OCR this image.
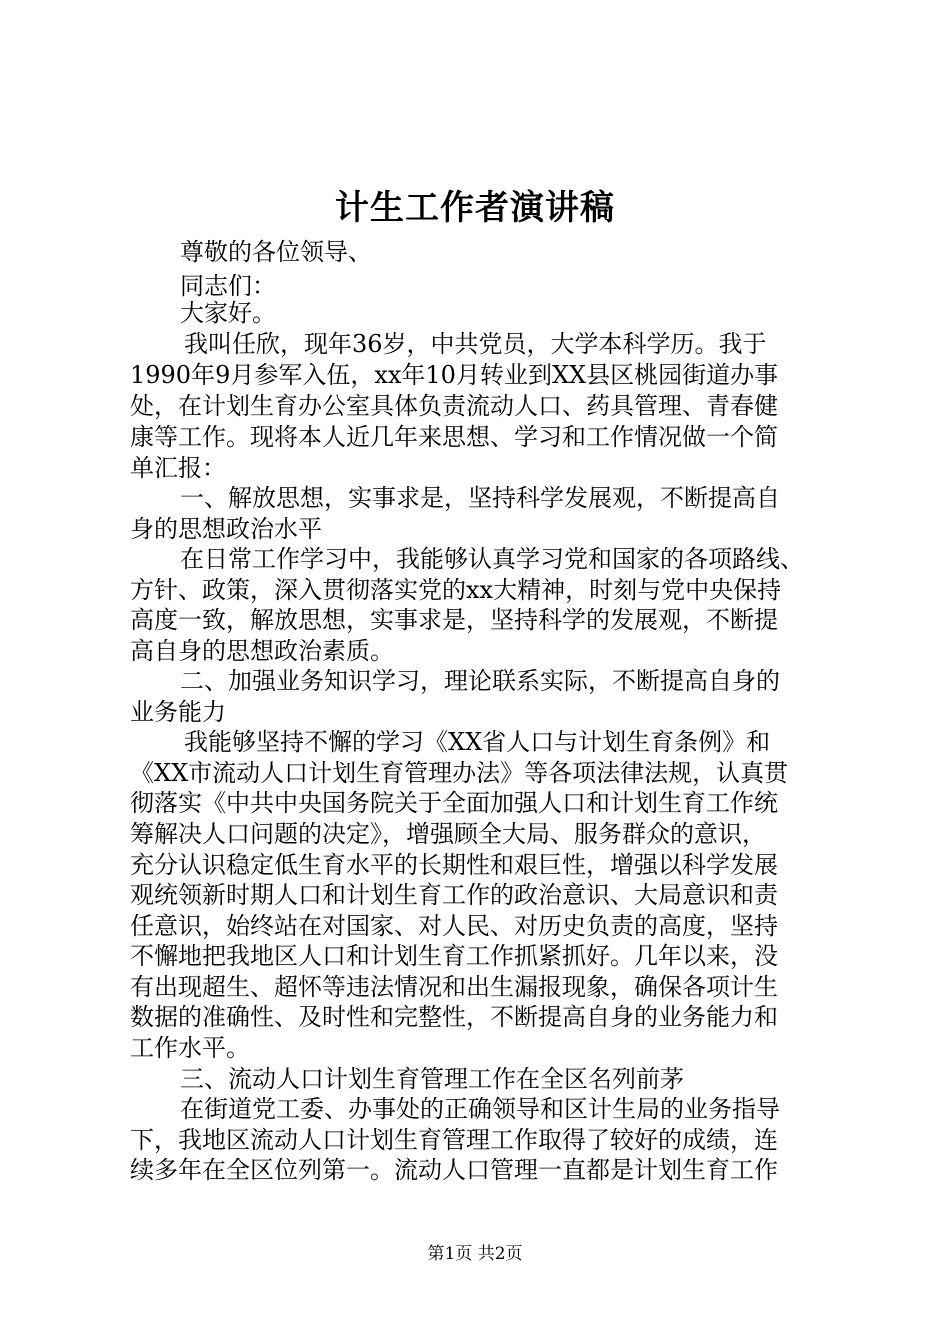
计生工作者演讲稿
尊敬的各位领导、
同志们：
大家好。
我叫任欣，现年36岁，中共党员，大学本科学历。我于
1990年9月参军入伍，xx年10月转业到XX县区桃园街道办事
处，在计划生育办公室具体负责流动人口、药具管理、青春健
康等工作。现将本人近几年来思想、学习和工作情况做一个简
单汇报：
一、解放思想，实事求是，坚持科学发展观，不断提高自
身的思想政治水平
在日常工作学习中，我能够认真学习党和国家的各项路线、
方针、政策，深入贯彻落实党的xx大精神，时刻与党中央保持
高度一致，解放思想，实事求是，坚持科学的发展观，不断提
高自身的思想政治素质。
二、加强业务知识学习，理论联系实际，不断提高自身的
业务能力
我能够坚持不懈的学习《XX省人口与计划生育条例》和
《XX市流动人口计划生育管理办法》等各项法律法规，认真贯
彻落实《中共中央国务院关于全面加强人口和计划生育工作统
筹解决人口问题的决定》，增强顾全大局、服务群众的意识，
充分认识稳定低生育水平的长期性和艰巨性，增强以科学发展
观统领新时期人口和计划生育工作的政治意识、大局意识和责
任意识，始终站在对国家、对人民、对历史负责的高度，坚持
不懈地把我地区人口和计划生育工作抓紧抓好。几年以来，没
有出现超生、超怀等违法情况和出生漏报现象，确保各项计生
数据的准确性、及时性和完整性，不断提高自身的业务能力和
工作水平。
三、流动人口计划生育管理工作在全区名列前茅
在街道党工委、办事处的正确领导和区计生局的业务指导
下，我地区流动人口计划生育管理工作取得了较好的成绩，连
续多年在全区位列第一。流动人口管理一直都是计划生育工作
第1页 共2页
